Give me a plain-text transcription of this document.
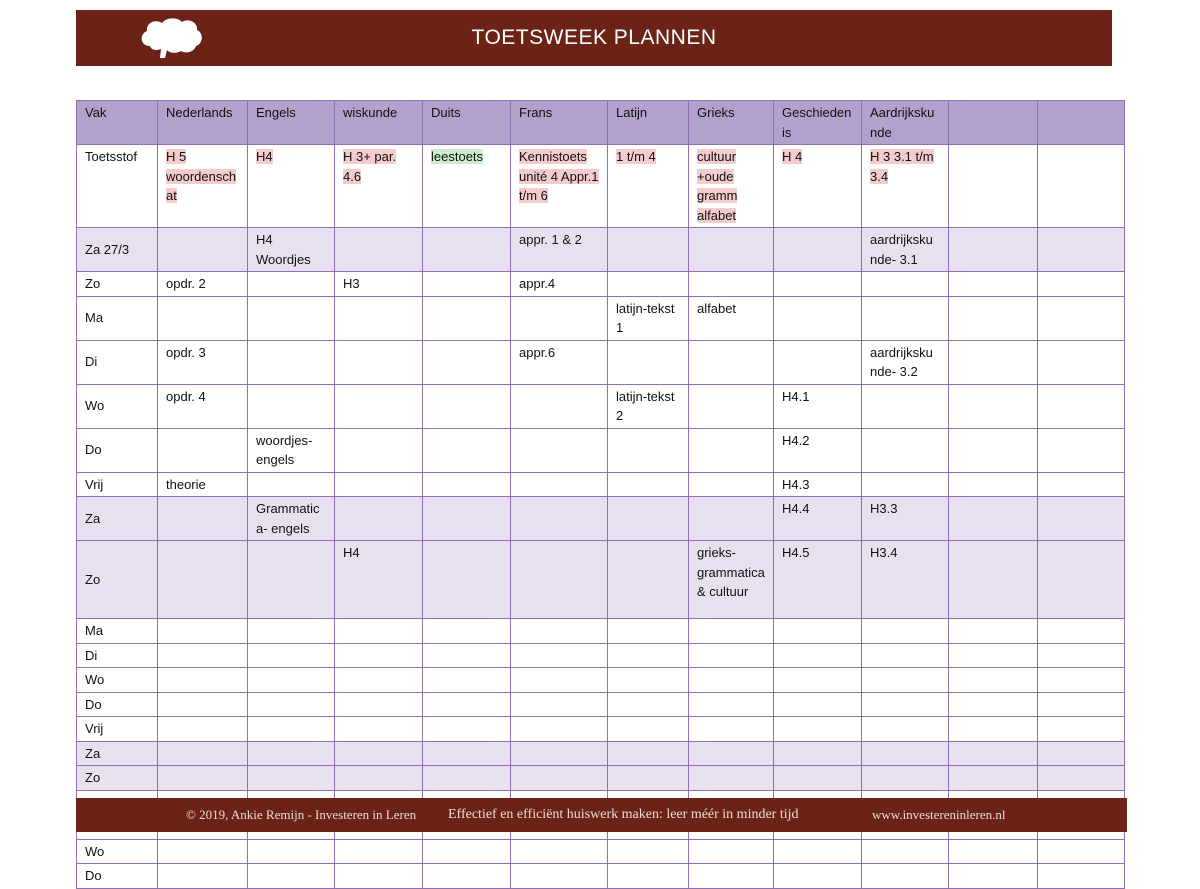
TOETSWEEK PLANNEN
Vak	Nederlands	Engels	wiskunde	Duits	Frans	Latijn	Grieks	Geschiedenis	Aardrijkskunde		
Toetsstof	H 5 woordenschat	H4	H 3+ par. 4.6	leestoets	Kennistoets unité 4 Appr.1 t/m 6	1 t/m 4	cultuur +oude gramm alfabet	H 4	H 3 3.1 t/m 3.4		
Za 27/3		H4 Woordjes			appr. 1 & 2				aardrijkskunde- 3.1		
Zo	opdr. 2		H3		appr.4						
Ma						latijn-tekst 1	alfabet				
Di	opdr. 3				appr.6				aardrijkskunde- 3.2		
Wo	opdr. 4					latijn-tekst 2		H4.1			
Do		woordjes-engels						H4.2			
Vrij	theorie							H4.3			
Za		Grammatica- engels						H4.4	H3.3		
Zo			H4				grieks-grammatica & cultuur	H4.5	H3.4		
Ma											
Di											
Wo											
Do											
Vrij											
Za											
Zo											

Wo											
Do											
© 2019, Ankie Remijn - Investeren in Leren Effectief en efficiënt huiswerk maken: leer méér in minder tijd	www.investereninleren.nl
